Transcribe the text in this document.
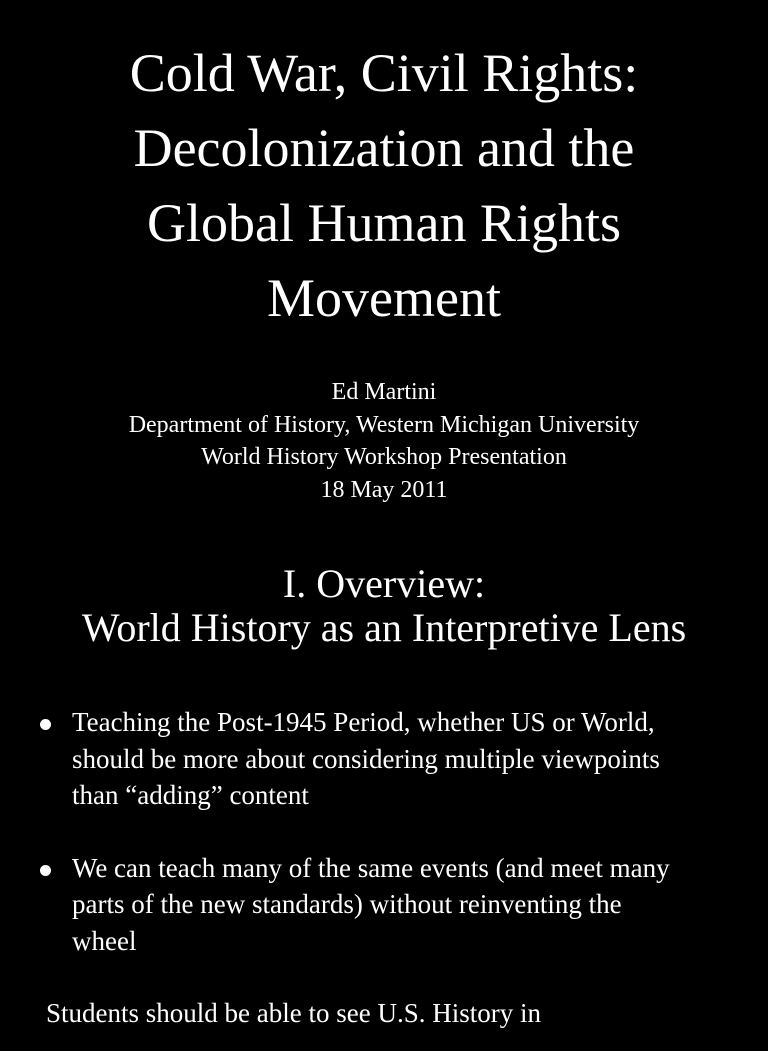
Cold War, Civil Rights:
Decolonization and the
Global Human Rights
Movement
Ed Martini
Department of History, Western Michigan University
World History Workshop Presentation
18 May 2011
I. Overview:
World History as an Interpretive Lens
Teaching the Post-1945 Period, whether US or World,
should be more about considering multiple viewpoints
than “adding” content
We can teach many of the same events (and meet many
parts of the new standards) without reinventing the
wheel
Students should be able to see U.S. History in
